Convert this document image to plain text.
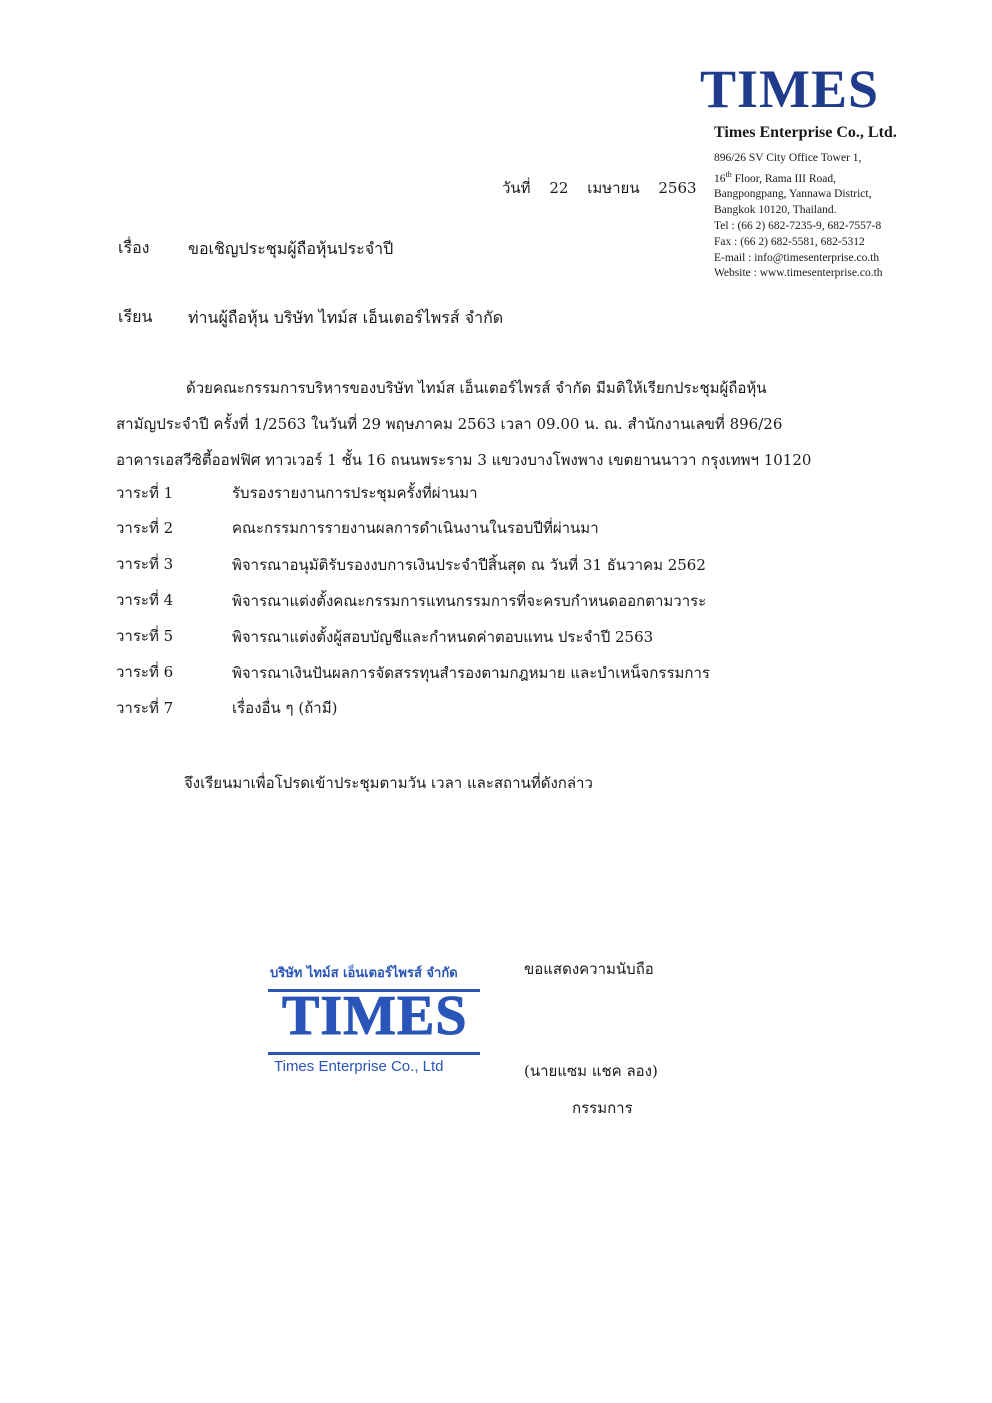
TIMES
Times Enterprise Co., Ltd.
896/26 SV City Office Tower 1,
16th Floor, Rama III Road,
Bangpongpang, Yannawa District,
Bangkok 10120, Thailand.
Tel : (66 2) 682-7235-9, 682-7557-8
Fax : (66 2) 682-5581, 682-5312
E-mail : info@timesenterprise.co.th
Website : www.timesenterprise.co.th
วันที่ 22 เมษายน 2563
เรื่อง ขอเชิญประชุมผู้ถือหุ้นประจำปี
เรียน ท่านผู้ถือหุ้น บริษัท ไทม์ส เอ็นเตอร์ไพรส์ จำกัด
ด้วยคณะกรรมการบริหารของบริษัท ไทม์ส เอ็นเตอร์ไพรส์ จำกัด มีมติให้เรียกประชุมผู้ถือหุ้น
สามัญประจำปี ครั้งที่ 1/2563 ในวันที่ 29 พฤษภาคม 2563 เวลา 09.00 น. ณ. สำนักงานเลขที่ 896/26
อาคารเอสวีซิตี้ออฟฟิศ ทาวเวอร์ 1 ชั้น 16 ถนนพระราม 3 แขวงบางโพงพาง เขตยานนาวา กรุงเทพฯ 10120
วาระที่ 1	รับรองรายงานการประชุมครั้งที่ผ่านมา
วาระที่ 2	คณะกรรมการรายงานผลการดำเนินงานในรอบปีที่ผ่านมา
วาระที่ 3	พิจารณาอนุมัติรับรองงบการเงินประจำปีสิ้นสุด ณ วันที่ 31 ธันวาคม 2562
วาระที่ 4	พิจารณาแต่งตั้งคณะกรรมการแทนกรรมการที่จะครบกำหนดออกตามวาระ
วาระที่ 5	พิจารณาแต่งตั้งผู้สอบบัญชีและกำหนดค่าตอบแทน ประจำปี 2563
วาระที่ 6	พิจารณาเงินปันผลการจัดสรรทุนสำรองตามกฎหมาย และบำเหน็จกรรมการ
วาระที่ 7	เรื่องอื่น ๆ (ถ้ามี)
จึงเรียนมาเพื่อโปรดเข้าประชุมตามวัน เวลา และสถานที่ดังกล่าว
บริษัท ไทม์ส เอ็นเตอร์ไพรส์ จำกัด
TIMES
Times Enterprise Co., Ltd
ขอแสดงความนับถือ
(นายแซม แชค ลอง)
กรรมการ
